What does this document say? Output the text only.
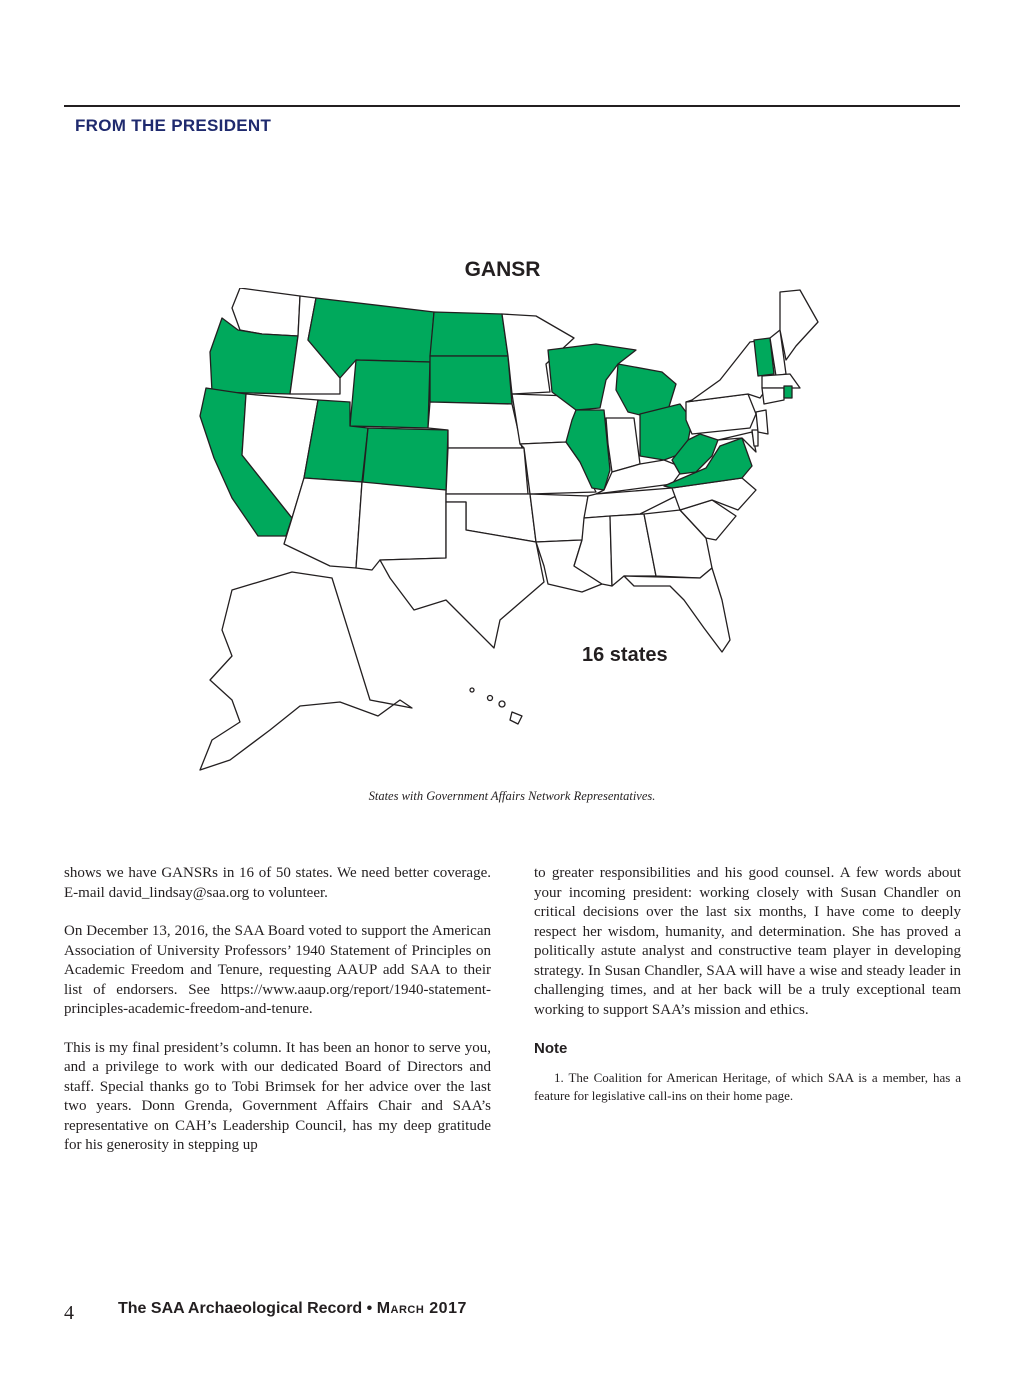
FROM THE PRESIDENT
GANSR
16 states
States with Government Affairs Network Representatives.

shows we have GANSRs in 16 of 50 states. We need better coverage. E-mail david_lindsay@saa.org to volunteer.

On December 13, 2016, the SAA Board voted to support the American Association of University Professors’ 1940 Statement of Principles on Academic Freedom and Tenure, requesting AAUP add SAA to their list of endorsers. See https://www.aaup.org/report/1940-statement-principles-academic-freedom-and-tenure.

This is my final president’s column. It has been an honor to serve you, and a privilege to work with our dedicated Board of Directors and staff. Special thanks go to Tobi Brimsek for her advice over the last two years. Donn Grenda, Government Affairs Chair and SAA’s representative on CAH’s Leadership Council, has my deep gratitude for his generosity in stepping up

to greater responsibilities and his good counsel. A few words about your incoming president: working closely with Susan Chandler on critical decisions over the last six months, I have come to deeply respect her wisdom, humanity, and determination. She has proved a politically astute analyst and constructive team player in developing strategy. In Susan Chandler, SAA will have a wise and steady leader in challenging times, and at her back will be a truly exceptional team working to support SAA’s mission and ethics.

Note

1. The Coalition for American Heritage, of which SAA is a member, has a feature for legislative call-ins on their home page.

4	The SAA Archaeological Record • March 2017
